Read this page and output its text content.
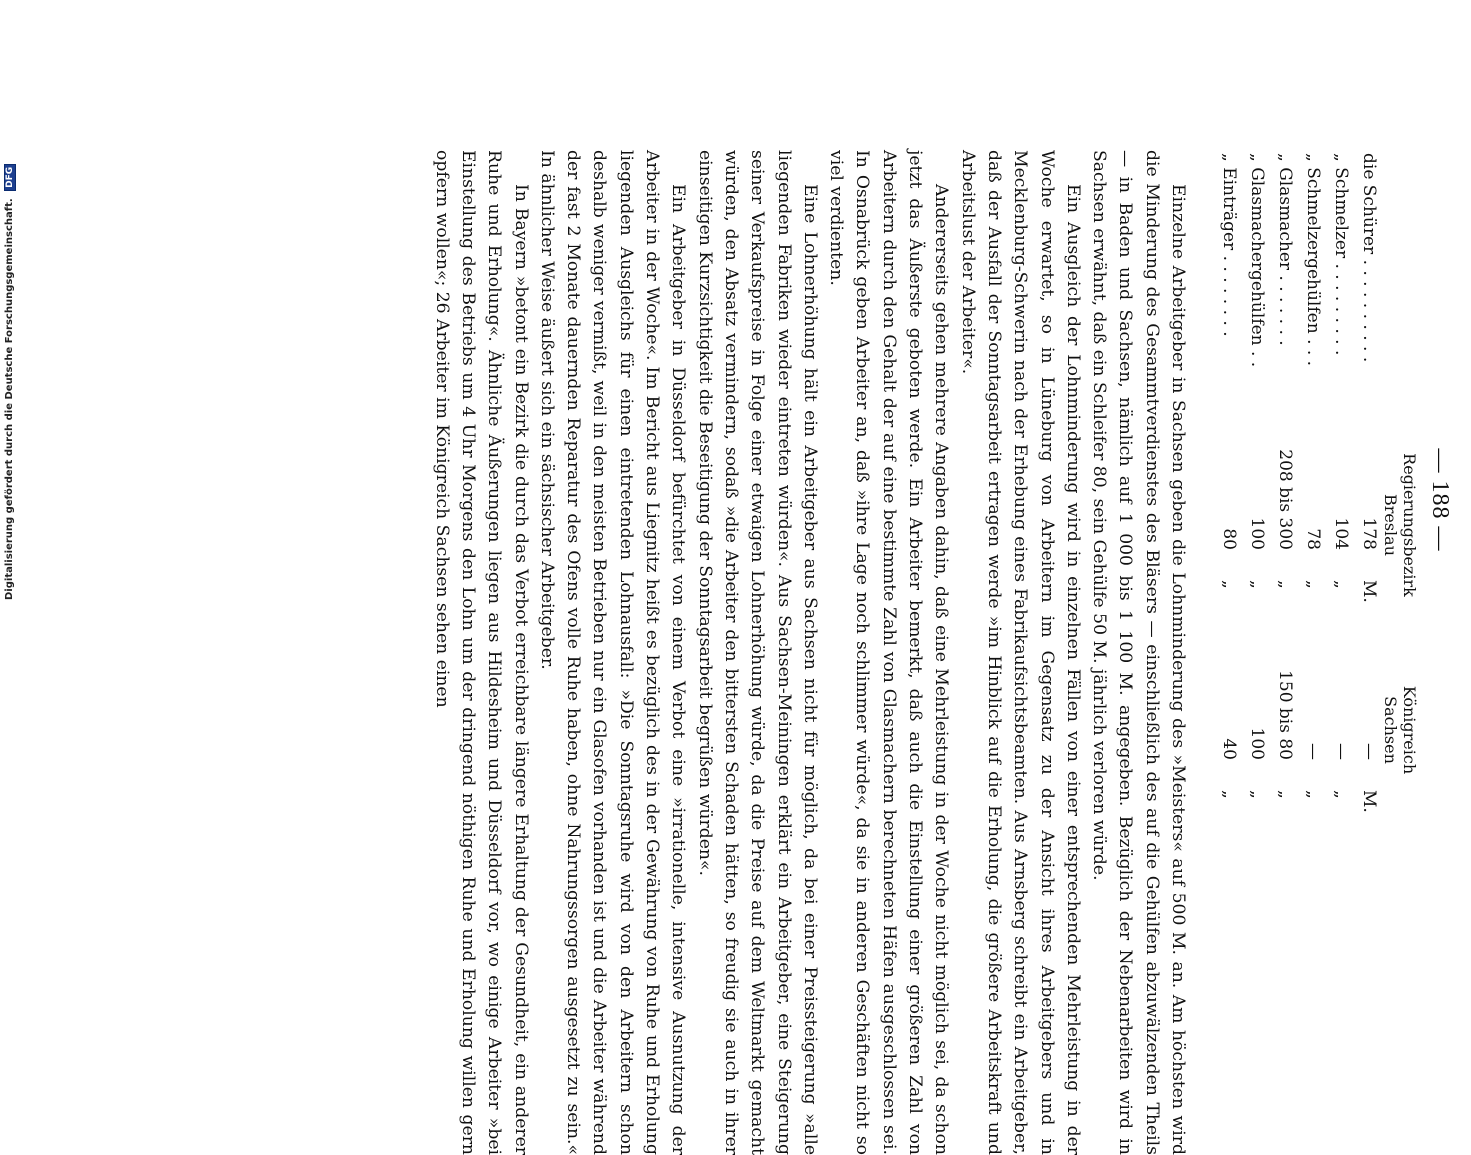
— 188 —
Regierungsbezirk
Breslau
Königreich
Sachsen
die Schürer . . . . . . . . . .
178
M.
—
M.
„ Schmelzer . . . . . . . . .
104
„
—
„
„ Schmelzergehülfen . . .
78
„
—
„
„ Glasmacher . . . . . . .
208 bis 300
„
150 bis 80
„
„ Glasmachergehülfen . .
100
„
100
„
„ Einträger . . . . . . . .
80
„
40
„

Einzelne Arbeitgeber in Sachsen geben die Lohnminderung des »Meisters« auf 500 M. an. Am höchsten wird die Minderung des Gesammtverdienstes des Bläsers — einschließlich des auf die Gehülfen abzuwälzenden Theils — in Baden und Sachsen, nämlich auf 1 000 bis 1 100 M. angegeben. Bezüglich der Nebenarbeiten wird in Sachsen erwähnt, daß ein Schleifer 80, sein Gehülfe 50 M. jährlich verloren würde.

Ein Ausgleich der Lohnminderung wird in einzelnen Fällen von einer entsprechenden Mehrleistung in der Woche erwartet, so in Lüneburg von Arbeitern im Gegensatz zu der Ansicht ihres Arbeitgebers und in Mecklenburg-Schwerin nach der Erhebung eines Fabrikaufsichtsbeamten. Aus Arnsberg schreibt ein Arbeitgeber, daß der Ausfall der Sonntagsarbeit ertragen werde »im Hinblick auf die Erholung, die größere Arbeitskraft und Arbeitslust der Arbeiter«.

Andererseits gehen mehrere Angaben dahin, daß eine Mehrleistung in der Woche nicht möglich sei, da schon jetzt das Äußerste geboten werde. Ein Arbeiter bemerkt, daß auch die Einstellung einer größeren Zahl von Arbeitern durch den Gehalt der auf eine bestimmte Zahl von Glasmachern berechneten Häfen ausgeschlossen sei. In Osnabrück geben Arbeiter an, daß »ihre Lage noch schlimmer würde«, da sie in anderen Geschäften nicht so viel verdienten.

Eine Lohnerhöhung hält ein Arbeitgeber aus Sachsen nicht für möglich, da bei einer Preissteigerung »alle liegenden Fabriken wieder eintreten würden«. Aus Sachsen-Meiningen erklärt ein Arbeitgeber, eine Steigerung seiner Verkaufspreise in Folge einer etwaigen Lohnerhöhung würde, da die Preise auf dem Weltmarkt gemacht würden, den Absatz vermindern, sodaß »die Arbeiter den bittersten Schaden hätten, so freudig sie auch in ihrer einseitigen Kurzsichtigkeit die Beseitigung der Sonntagsarbeit begrüßen würden«.

Ein Arbeitgeber in Düsseldorf befürchtet von einem Verbot eine »irrationelle, intensive Ausnutzung der Arbeiter in der Woche«. Im Bericht aus Liegnitz heißt es bezüglich des in der Gewährung von Ruhe und Erholung liegenden Ausgleichs für einen eintretenden Lohnausfall: »Die Sonntagsruhe wird von den Arbeitern schon deshalb weniger vermißt, weil in den meisten Betrieben nur ein Glasofen vorhanden ist und die Arbeiter während der fast 2 Monate dauernden Reparatur des Ofens volle Ruhe haben, ohne Nahrungssorgen ausgesetzt zu sein.« In ähnlicher Weise äußert sich ein sächsischer Arbeitgeber.

In Bayern »betont ein Bezirk die durch das Verbot erreichbare längere Erhaltung der Gesundheit, ein anderer Ruhe und Erholung«. Ähnliche Äußerungen liegen aus Hildesheim und Düsseldorf vor, wo einige Arbeiter »bei Einstellung des Betriebs um 4 Uhr Morgens den Lohn um der dringend nöthigen Ruhe und Erholung willen gern opfern wollen«; 26 Arbeiter im Königreich Sachsen sehen einen

Digitalisierung gefördert durch die Deutsche Forschungsgemeinschaft. DFG
